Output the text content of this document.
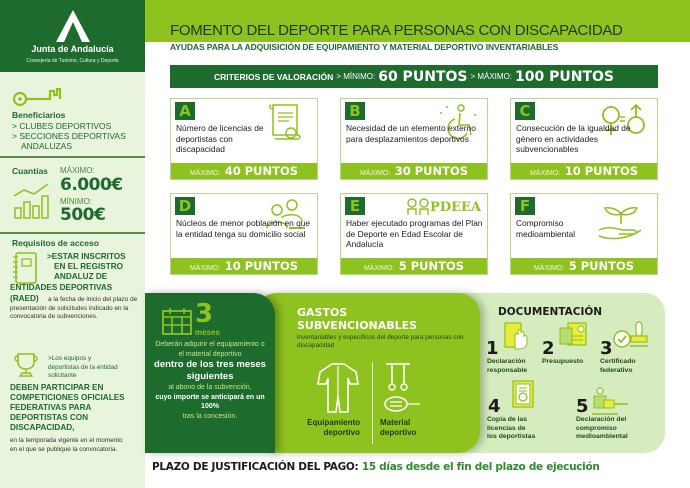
Junta de Andalucía
Consejería de Turismo, Cultura y Deporte
Beneficiarios
> CLUBES DEPORTIVOS
> SECCIONES DEPORTIVAS
ANDALUZAS
Cuantías MÁXIMO:
6.000€
MÍNIMO:
500€
Requisitos de acceso
>ESTAR INSCRITOS
EN EL REGISTRO
ANDALUZ DE
ENTIDADES DEPORTIVAS
(RAED)	a la fecha de inicio del plazo de presentación de solicitudes indicado en la convocatoria de subvenciones.
>Los equipos y deportistas de la entidad solicitante
DEBEN PARTICIPAR EN COMPETICIONES OFICIALES FEDERATIVAS PARA DEPORTISTAS CON DISCAPACIDAD,
en la temporada vigente en el momento en el que se publique la convocatoria.
FOMENTO DEL DEPORTE PARA PERSONAS CON DISCAPACIDAD
AYUDAS PARA LA ADQUISICIÓN DE EQUIPAMIENTO Y MATERIAL DEPORTIVO INVENTARIABLES
CRITERIOS DE VALORACIÓN > MÍNIMO: 60 PUNTOS > MÁXIMO: 100 PUNTOS
A
Número de licencias de deportistas con discapacidad
MÁXIMO: 40 PUNTOS
B
Necesidad de un elemento externo para desplazamientos deportivos
MÁXIMO: 30 PUNTOS
C
Consecución de la igualdad de género en actividades subvencionables
MÁXIMO: 10 PUNTOS
D
Núcleos de menor población en que la entidad tenga su domicilio social
MÁXIMO: 10 PUNTOS
E	PDEEA
Haber ejecutado programas del Plan de Deporte en Edad Escolar de Andalucía
MÁXIMO: 5 PUNTOS
F
Compromiso medioambiental
MÁXIMO: 5 PUNTOS
3
meses
Deberán adquirir el equipamiento o el material deportivo
dentro de los tres meses siguientes
al abono de la subvención,
cuyo importe se anticipará en un 100%
tras la concesión.
GASTOS
SUBVENCIONABLES
inventariables y específicos del deporte para personas con discapacidad
Equipamiento
deportivo
Material
deportivo
DOCUMENTACIÓN
1
Declaración
responsable
2
Presupuesto
3
Certificado
federativo
4
Copia de las
licencias de
los deportistas
5
Declaración del
compromiso
medioambiental
PLAZO DE JUSTIFICACIÓN DEL PAGO: 15 días desde el fin del plazo de ejecución
